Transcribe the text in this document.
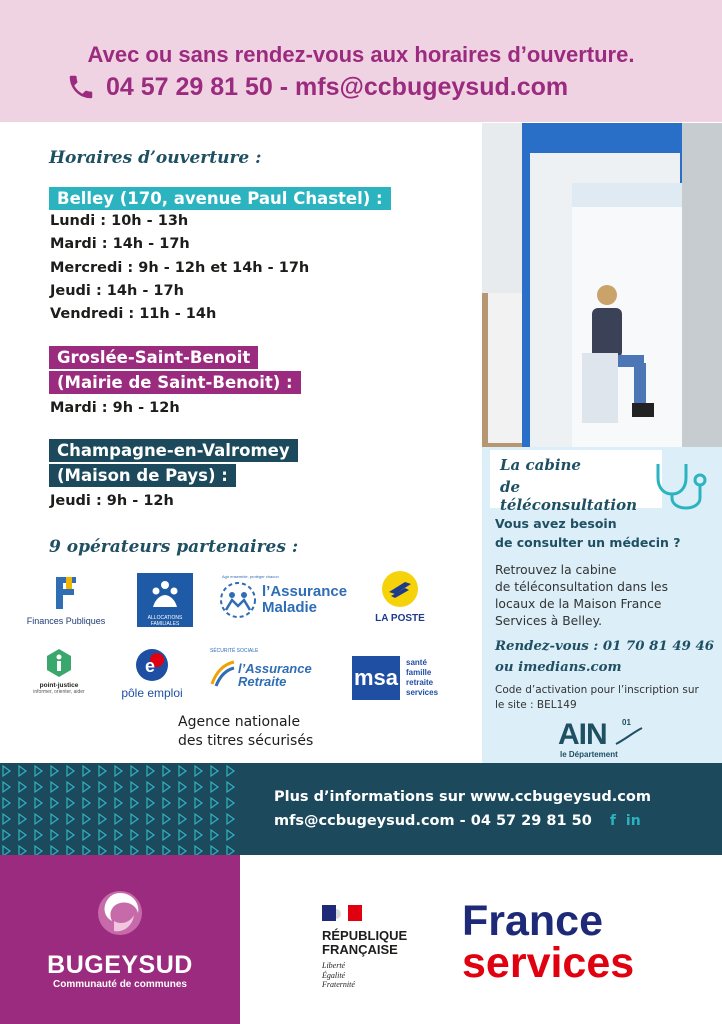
Avec ou sans rendez-vous aux horaires d’ouverture.
04 57 29 81 50 - mfs@ccbugeysud.com
Horaires d’ouverture :
Belley (170, avenue Paul Chastel) :
Lundi : 10h - 13h
Mardi : 14h - 17h
Mercredi : 9h - 12h et 14h - 17h
Jeudi : 14h - 17h
Vendredi : 11h - 14h
Groslée-Saint-Benoit
(Mairie de Saint-Benoit) :
Mardi : 9h - 12h
Champagne-en-Valromey
(Maison de Pays) :
Jeudi : 9h - 12h
9 opérateurs partenaires :
Finances Publiques	ALLOCATIONS FAMILIALES
l’Assurance
Maladie
Agir ensemble, protéger chacun
LA POSTE
point-justice
informer, orienter, aider
e
pôle emploi
SÉCURITÉ SOCIALE
l’Assurance
Retraite	msa
santé
famille
retraite
services
Agence nationale
des titres sécurisés
La cabine
de téléconsultation
Vous avez besoin
de consulter un médecin ?
Retrouvez la cabine
de téléconsultation dans les
locaux de la Maison France
Services à Belley.
Rendez-vous : 01 70 81 49 46
ou imedians.com
Code d’activation pour l’inscription sur
le site : BEL149
AIN 01
le Département
Plus d’informations sur www.ccbugeysud.com
mfs@ccbugeysud.com - 04 57 29 81 50 f in
BUGEYSUD
Communauté de communes
RÉPUBLIQUE
FRANÇAISE
Liberté
Égalité
Fraternité
France
services
